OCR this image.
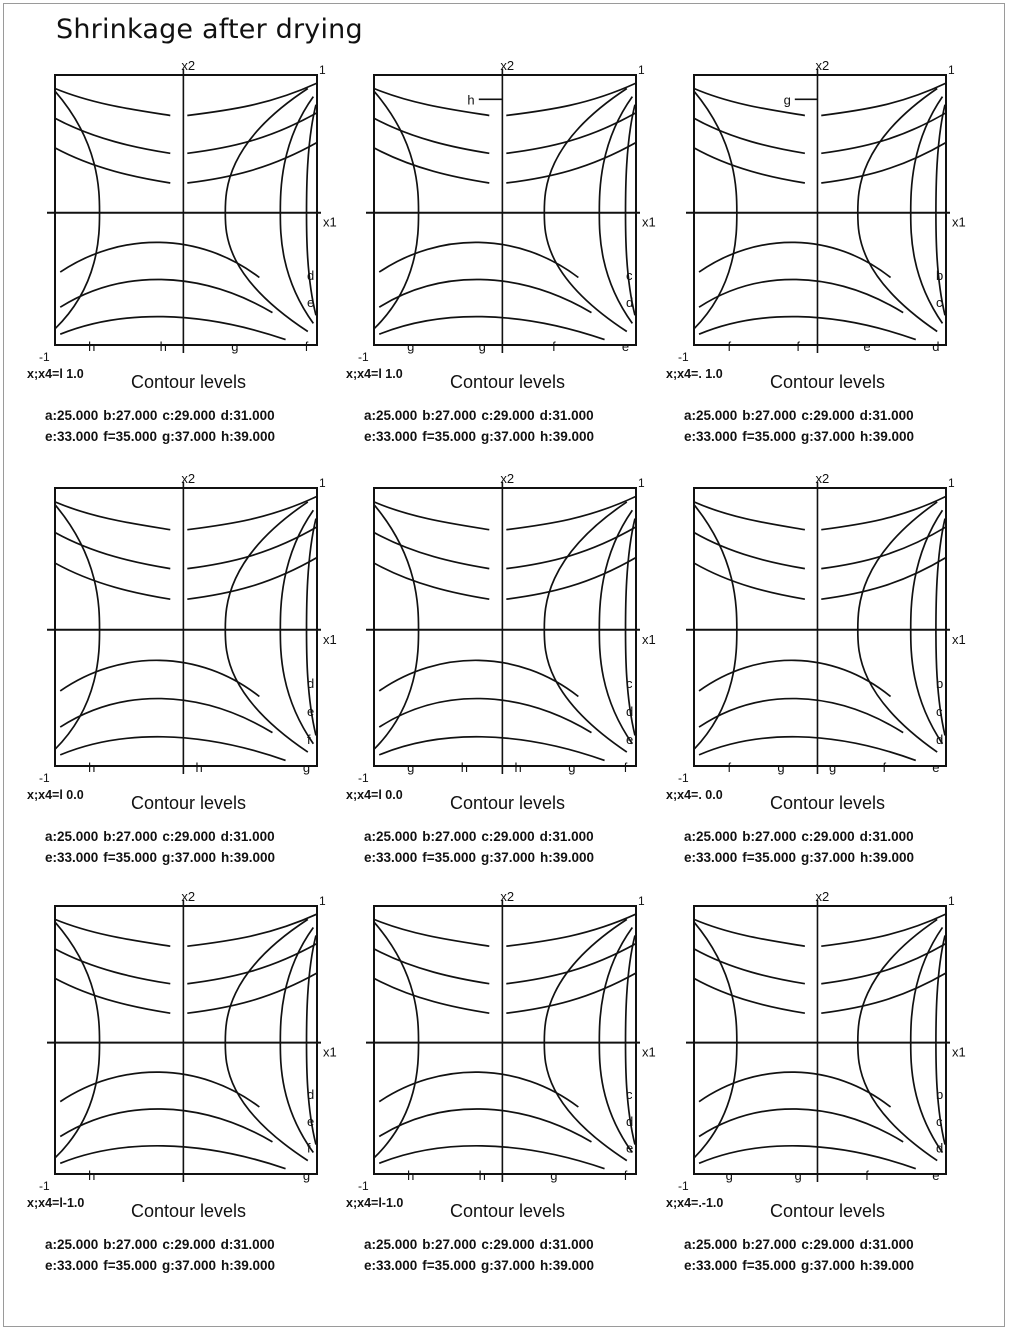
Shrinkage after drying
x2
x1
1
-1
d
e
h	h	g	f
x;x4=l 1.0	Contour levels
a:25.000 b:27.000 c:29.000 d:31.000
e:33.000 f=35.000 g:37.000 h:39.000
x2
x1
1
-1
c
d
g	g	f	e
h
x;x4=l 1.0	Contour levels
a:25.000 b:27.000 c:29.000 d:31.000
e:33.000 f=35.000 g:37.000 h:39.000
x2
x1
1
-1
b
c
f	f	e	d
g
x;x4=. 1.0	Contour levels
a:25.000 b:27.000 c:29.000 d:31.000
e:33.000 f=35.000 g:37.000 h:39.000
x2
x1
1
-1
d
e
f
h	h	g
x;x4=l 0.0	Contour levels
a:25.000 b:27.000 c:29.000 d:31.000
e:33.000 f=35.000 g:37.000 h:39.000
x2
x1
1
-1
c
d
e
g	h	h	g	f
x;x4=l 0.0	Contour levels
a:25.000 b:27.000 c:29.000 d:31.000
e:33.000 f=35.000 g:37.000 h:39.000
x2
x1
1
-1
b
c
d
f	g	g	f	e
x;x4=. 0.0	Contour levels
a:25.000 b:27.000 c:29.000 d:31.000
e:33.000 f=35.000 g:37.000 h:39.000
x2
x1
1
-1
d
e
f
h	g
x;x4=l-1.0	Contour levels
a:25.000 b:27.000 c:29.000 d:31.000
e:33.000 f=35.000 g:37.000 h:39.000
x2
x1
1
-1
c
d
e
h	h	g	f
x;x4=l-1.0	Contour levels
a:25.000 b:27.000 c:29.000 d:31.000
e:33.000 f=35.000 g:37.000 h:39.000
x2
x1
1
-1
b
c
d
g	g	f	e
x;x4=.-1.0	Contour levels
a:25.000 b:27.000 c:29.000 d:31.000
e:33.000 f=35.000 g:37.000 h:39.000
